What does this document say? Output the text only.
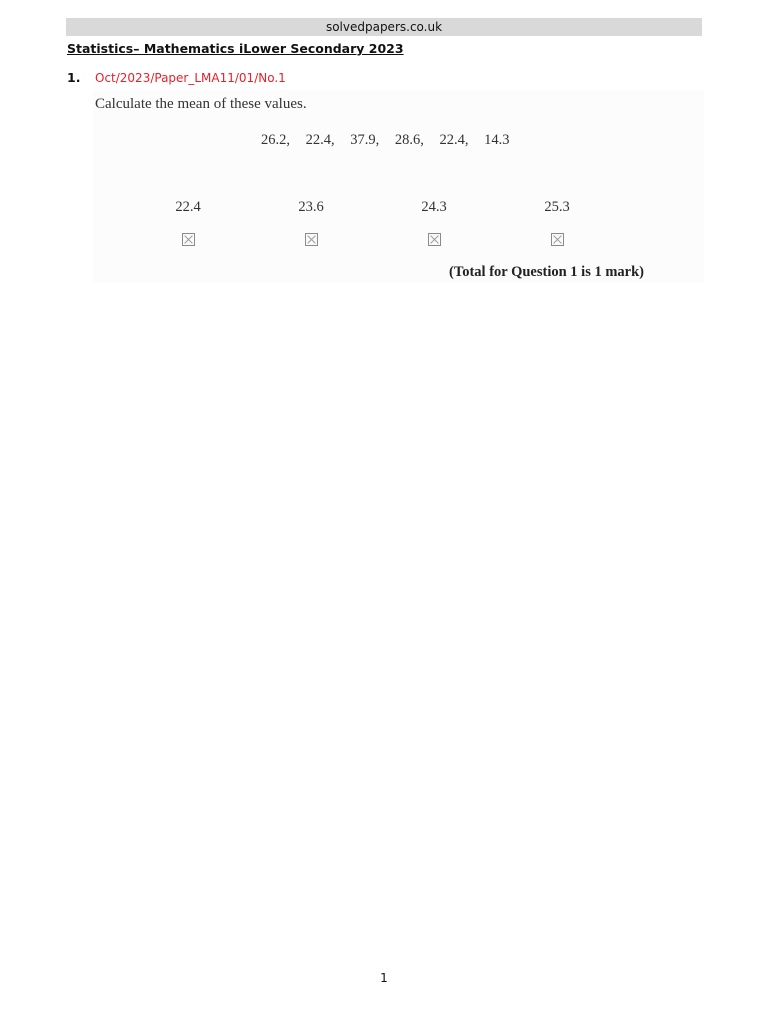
solvedpapers.co.uk
Statistics– Mathematics iLower Secondary 2023
1. Oct/2023/Paper_LMA11/01/No.1
Calculate the mean of these values.
26.2, 22.4, 37.9, 28.6, 22.4, 14.3
22.4	23.6	24.3	25.3
(Total for Question 1 is 1 mark)
1
